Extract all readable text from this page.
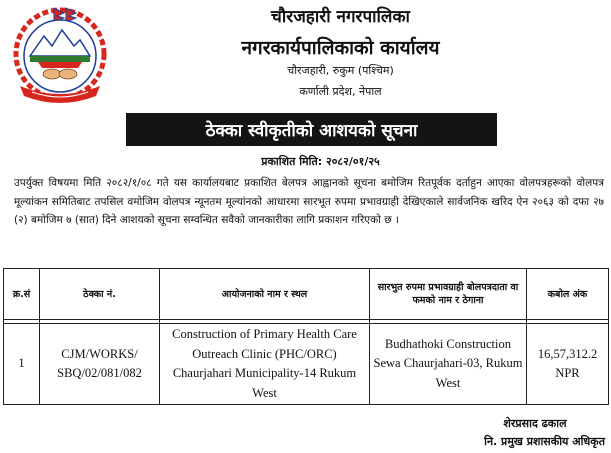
चौरजहारी नगरपालिका
नगरकार्यपालिकाको कार्यालय
चौरजहारी, रुकुम (पश्चिम)
कर्णाली प्रदेश, नेपाल
ठेक्का स्वीकृतीको आशयको सूचना
प्रकाशित मिति: २०८२/०१/२५
उपर्युक्त विषयमा मिति २०८२/१/०८ गते यस कार्यालयबाट प्रकाशित बेलपत्र आह्वानको सूचना बमोजिम रितपूर्वक दर्ताहुन आएका वोलपत्रहरूको वोलपत्र मूल्यांकन समितिबाट तपसिल वमोजिम वोलपत्र न्यूनतम मूल्यांनको आधारमा सारभूत रुपमा प्रभावग्राही देखिएकाले सार्वजनिक खरिद ऐन २०६३ को दफा २७ (२) बमोजिम ७ (सात) दिने आशयको सूचना सम्वन्धित सवैको जानकारीका लागि प्रकाशन गरिएको छ ।
क्र.सं	ठेक्का नं.	आयोजनाको नाम र स्थल	सारभुत रुपमा प्रभावग्राही बोलपत्रदाता वा फमको नाम र ठेगाना	कबोल अंक

1	CJM/WORKS/ SBQ/02/081/082	Construction of Primary Health Care Outreach Clinic (PHC/ORC) Chaurjahari Municipality-14 Rukum West	Budhathoki Construction Sewa Chaurjahari-03, Rukum West	16,57,312.2 NPR
शेरप्रसाद ढकाल
नि. प्रमुख प्रशासकीय अधिकृत
